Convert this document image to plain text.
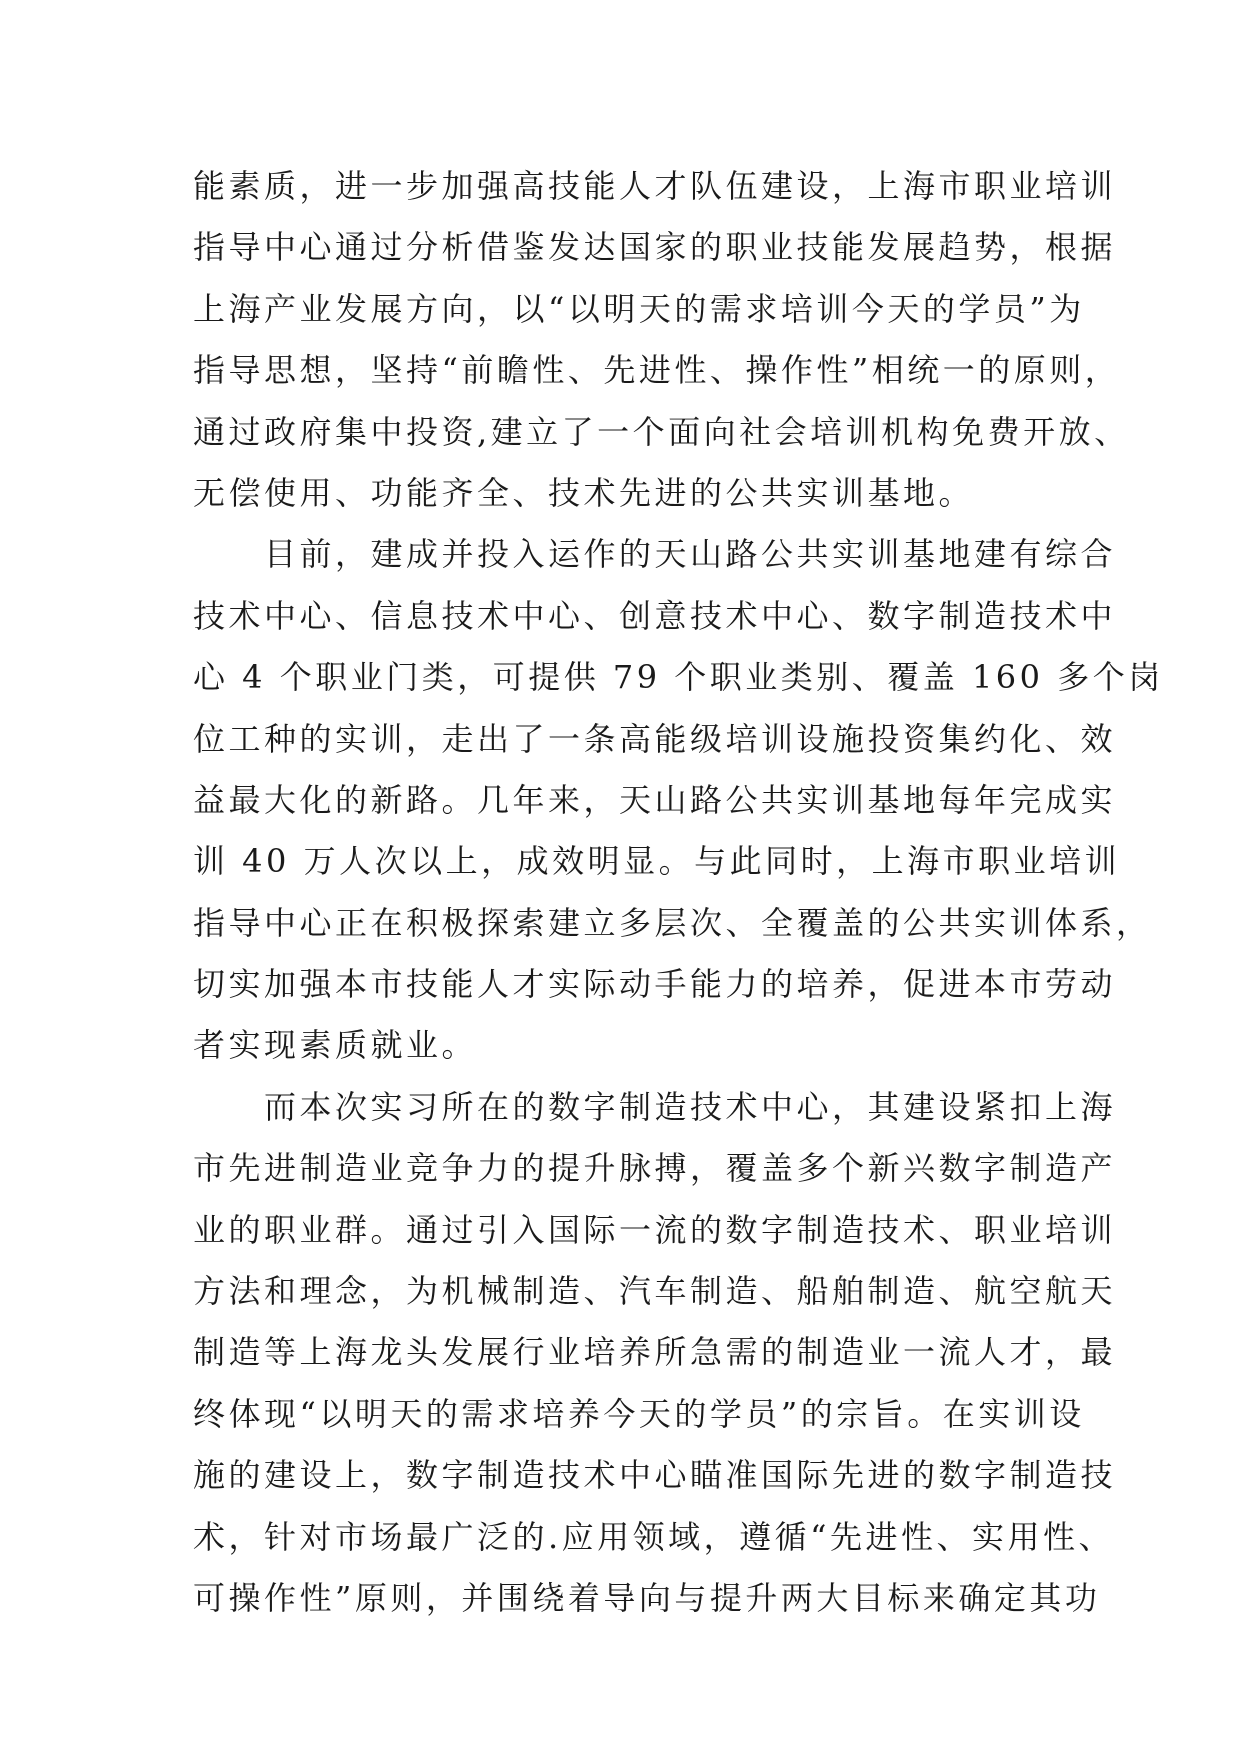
能素质，进一步加强高技能人才队伍建设，上海市职业培训
指导中心通过分析借鉴发达国家的职业技能发展趋势，根据
上海产业发展方向，以“以明天的需求培训今天的学员”为
指导思想，坚持“前瞻性、先进性、操作性”相统一的原则，
通过政府集中投资,建立了一个面向社会培训机构免费开放、
无偿使用、功能齐全、技术先进的公共实训基地。
　　目前，建成并投入运作的天山路公共实训基地建有综合
技术中心、信息技术中心、创意技术中心、数字制造技术中
心 4 个职业门类，可提供 79 个职业类别、覆盖 160 多个岗
位工种的实训，走出了一条高能级培训设施投资集约化、效
益最大化的新路。几年来，天山路公共实训基地每年完成实
训 40 万人次以上，成效明显。与此同时，上海市职业培训
指导中心正在积极探索建立多层次、全覆盖的公共实训体系，
切实加强本市技能人才实际动手能力的培养，促进本市劳动
者实现素质就业。
　　而本次实习所在的数字制造技术中心，其建设紧扣上海
市先进制造业竞争力的提升脉搏，覆盖多个新兴数字制造产
业的职业群。通过引入国际一流的数字制造技术、职业培训
方法和理念，为机械制造、汽车制造、船舶制造、航空航天
制造等上海龙头发展行业培养所急需的制造业一流人才，最
终体现“以明天的需求培养今天的学员”的宗旨。在实训设
施的建设上，数字制造技术中心瞄准国际先进的数字制造技
术，针对市场最广泛的.应用领域，遵循“先进性、实用性、
可操作性”原则，并围绕着导向与提升两大目标来确定其功
